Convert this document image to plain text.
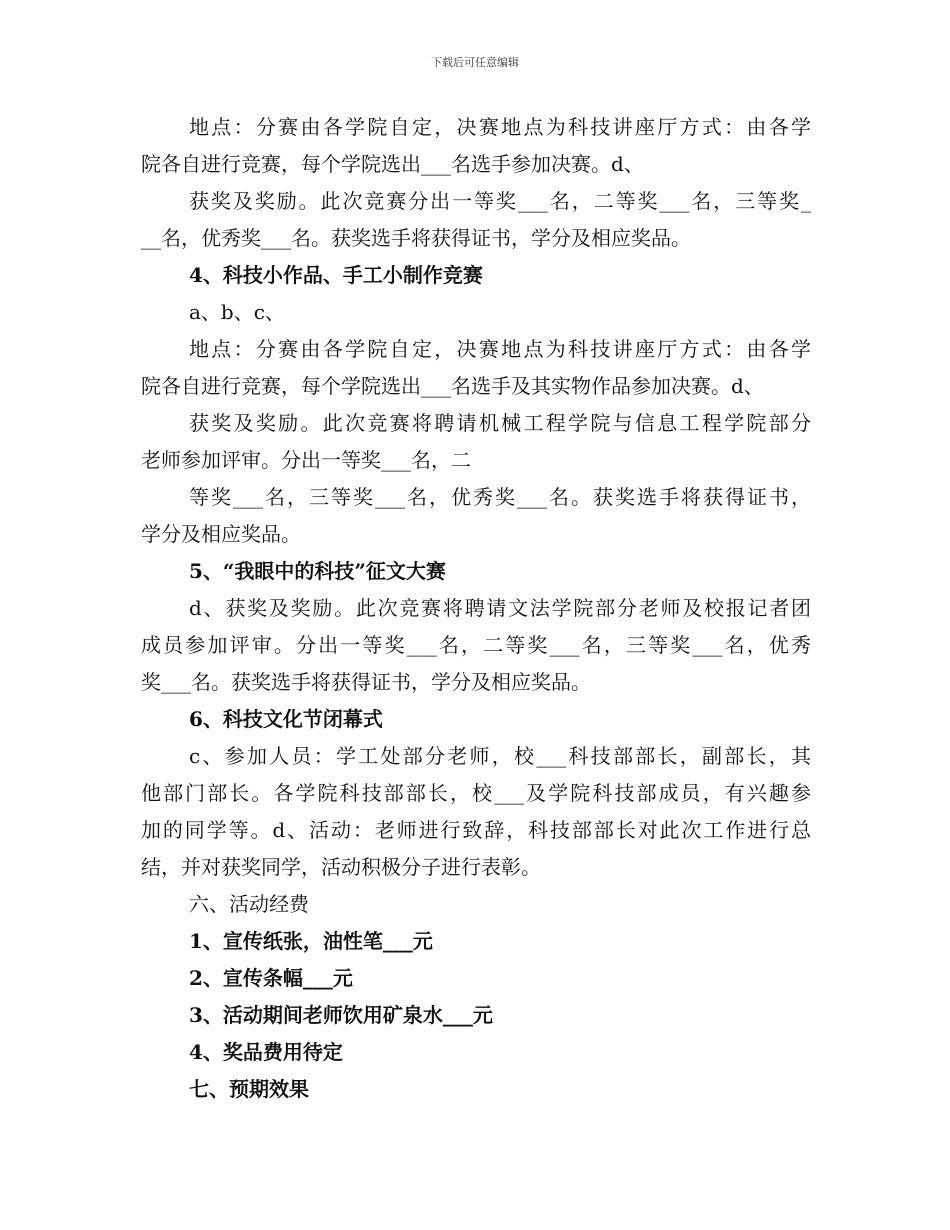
下载后可任意编辑
地点：分赛由各学院自定，决赛地点为科技讲座厅方式：由各学
院各自进行竞赛，每个学院选出___名选手参加决赛。d、
获奖及奖励。此次竞赛分出一等奖___名，二等奖___名，三等奖_
__名，优秀奖___名。获奖选手将获得证书，学分及相应奖品。
4、科技小作品、手工小制作竞赛
a、b、c、
地点：分赛由各学院自定，决赛地点为科技讲座厅方式：由各学
院各自进行竞赛，每个学院选出___名选手及其实物作品参加决赛。d、
获奖及奖励。此次竞赛将聘请机械工程学院与信息工程学院部分
老师参加评审。分出一等奖___名，二
等奖___名，三等奖___名，优秀奖___名。获奖选手将获得证书，
学分及相应奖品。
5、“我眼中的科技”征文大赛
d、获奖及奖励。此次竞赛将聘请文法学院部分老师及校报记者团
成员参加评审。分出一等奖___名，二等奖___名，三等奖___名，优秀
奖___名。获奖选手将获得证书，学分及相应奖品。
6、科技文化节闭幕式
c、参加人员：学工处部分老师，校___科技部部长，副部长，其
他部门部长。各学院科技部部长，校___及学院科技部成员，有兴趣参
加的同学等。d、活动：老师进行致辞，科技部部长对此次工作进行总
结，并对获奖同学，活动积极分子进行表彰。
六、活动经费
1、宣传纸张，油性笔___元
2、宣传条幅___元
3、活动期间老师饮用矿泉水___元
4、奖品费用待定
七、预期效果
